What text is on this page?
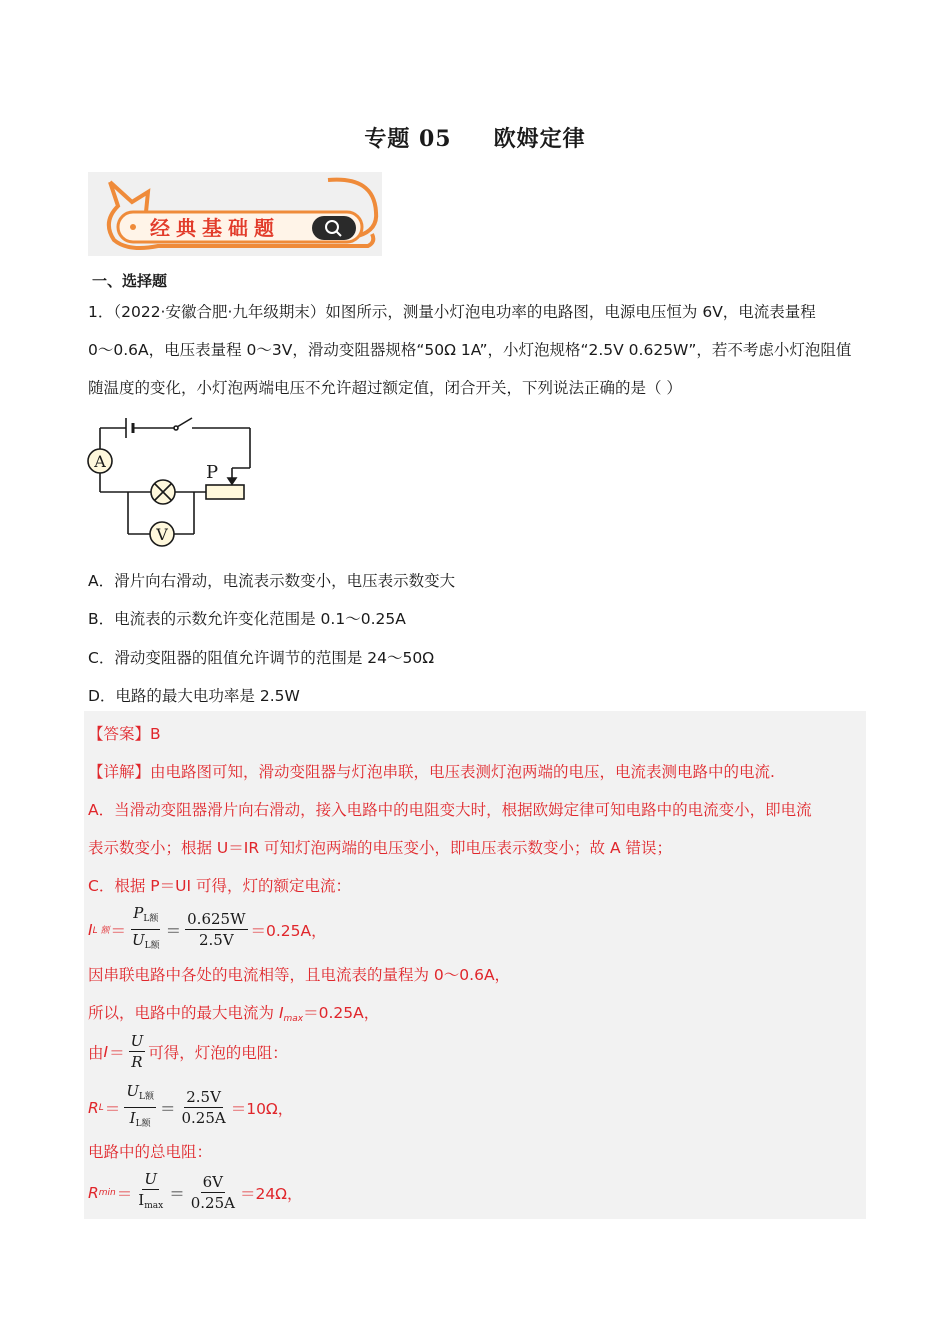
专题 05 欧姆定律
经典基础题
一、选择题
1．（2022·安徽合肥·九年级期末）如图所示，测量小灯泡电功率的电路图，电源电压恒为 6V，电流表量程
0～0.6A，电压表量程 0～3V，滑动变阻器规格“50Ω 1A”，小灯泡规格“2.5V 0.625W”，若不考虑小灯泡阻值
随温度的变化，小灯泡两端电压不允许超过额定值，闭合开关，下列说法正确的是（ ）
A
V
P
A．滑片向右滑动，电流表示数变小，电压表示数变大
B．电流表的示数允许变化范围是 0.1～0.25A
C．滑动变阻器的阻值允许调节的范围是 24～50Ω
D．电路的最大电功率是 2.5W
【答案】B
【详解】由电路图可知，滑动变阻器与灯泡串联，电压表测灯泡两端的电压，电流表测电路中的电流.
A．当滑动变阻器滑片向右滑动，接入电路中的电阻变大时，根据欧姆定律可知电路中的电流变小，即电流
表示数变小；根据 U＝IR 可知灯泡两端的电压变小，即电压表示数变小；故 A 错误；
C．根据 P＝UI 可得，灯的额定电流：
I L 额 ＝ $\frac{P_{L额}}{U_{L额}} = \frac{0.625W}{2.5V} =0.25A$，
因串联电路中各处的电流相等，且电流表的量程为 0～0.6A，
所以，电路中的最大电流为 $I_{max}=0.25A$，
由 $I = \frac{U}{R}$ 可得，灯泡的电阻：
R $L = \frac{U_{L额}}{I_{L额}} = \frac{2.5V}{0.25A} =10\Omega$，
电路中的总电阻：
R $\min = \frac{U}{I_{max}} = \frac{6V}{0.25A} =24\Omega$，
